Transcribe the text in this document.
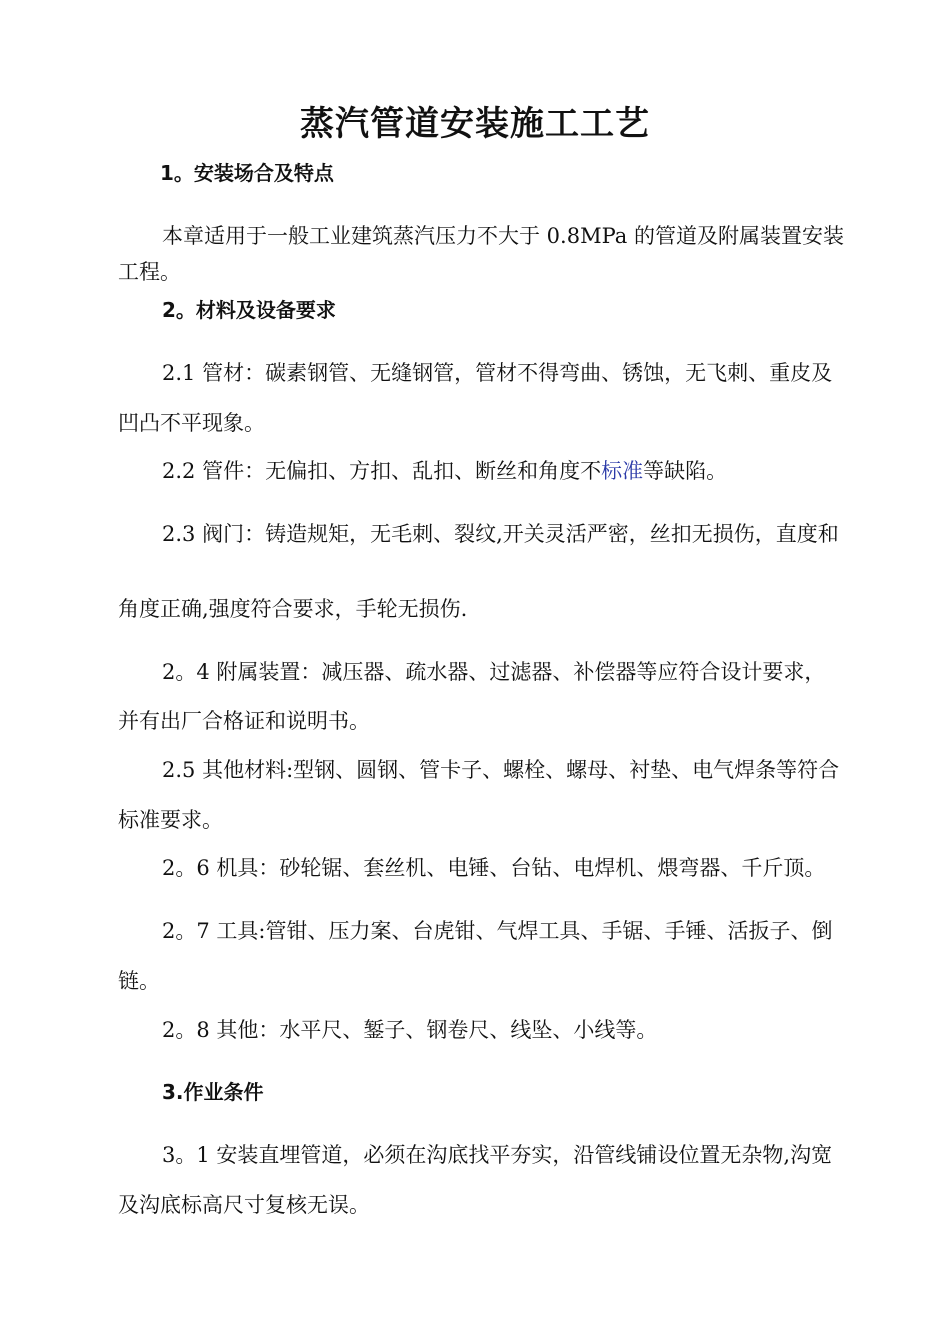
蒸汽管道安装施工工艺
1。安装场合及特点
本章适用于一般工业建筑蒸汽压力不大于 0.8MPa 的管道及附属装置安装
工程。
2。材料及设备要求
2.1 管材：碳素钢管、无缝钢管，管材不得弯曲、锈蚀，无飞刺、重皮及
凹凸不平现象。
2.2 管件：无偏扣、方扣、乱扣、断丝和角度不标准等缺陷。
2.3 阀门：铸造规矩，无毛刺、裂纹,开关灵活严密，丝扣无损伤，直度和
角度正确,强度符合要求，手轮无损伤.
2。4 附属装置：减压器、疏水器、过滤器、补偿器等应符合设计要求，
并有出厂合格证和说明书。
2.5 其他材料:型钢、圆钢、管卡子、螺栓、螺母、衬垫、电气焊条等符合
标准要求。
2。6 机具：砂轮锯、套丝机、电锤、台钻、电焊机、煨弯器、千斤顶。
2。7 工具:管钳、压力案、台虎钳、气焊工具、手锯、手锤、活扳子、倒
链。
2。8 其他：水平尺、錾子、钢卷尺、线坠、小线等。
3.作业条件
3。1 安装直埋管道，必须在沟底找平夯实，沿管线铺设位置无杂物,沟宽
及沟底标高尺寸复核无误。
